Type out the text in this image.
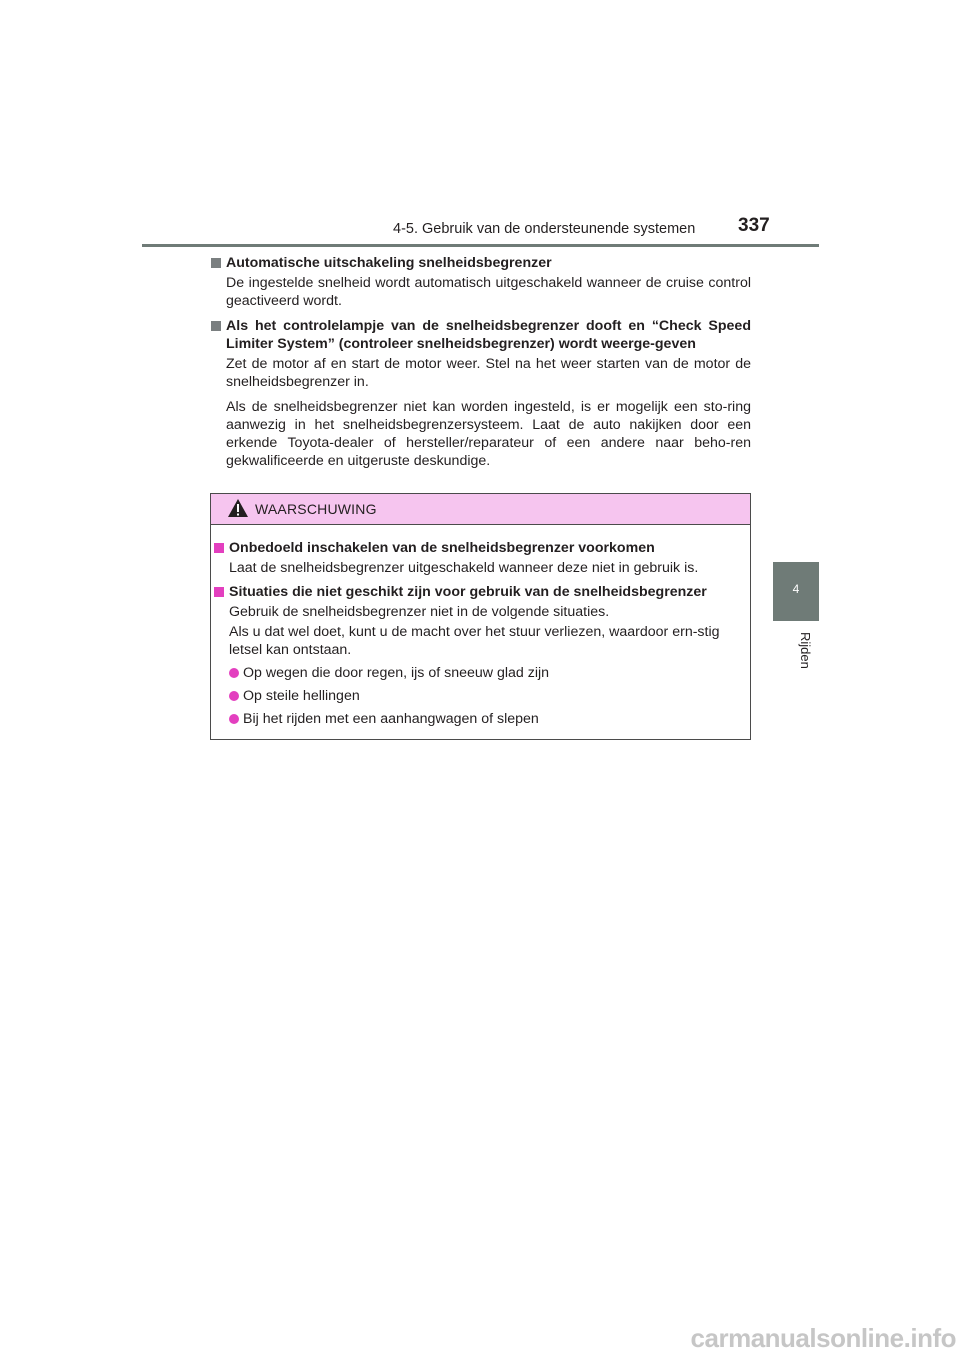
4-5. Gebruik van de ondersteunende systemen 337
4
Rijden
Automatische uitschakeling snelheidsbegrenzer
De ingestelde snelheid wordt automatisch uitgeschakeld wanneer de cruise control geactiveerd wordt.
Als het controlelampje van de snelheidsbegrenzer dooft en “Check Speed Limiter System” (controleer snelheidsbegrenzer) wordt weerge-geven
Zet de motor af en start de motor weer. Stel na het weer starten van de motor de snelheidsbegrenzer in.
Als de snelheidsbegrenzer niet kan worden ingesteld, is er mogelijk een sto-ring aanwezig in het snelheidsbegrenzersysteem. Laat de auto nakijken door een erkende Toyota-dealer of hersteller/reparateur of een andere naar beho-ren gekwalificeerde en uitgeruste deskundige.
WAARSCHUWING
Onbedoeld inschakelen van de snelheidsbegrenzer voorkomen
Laat de snelheidsbegrenzer uitgeschakeld wanneer deze niet in gebruik is.
Situaties die niet geschikt zijn voor gebruik van de snelheidsbegrenzer
Gebruik de snelheidsbegrenzer niet in de volgende situaties.
Als u dat wel doet, kunt u de macht over het stuur verliezen, waardoor ern-stig letsel kan ontstaan.
Op wegen die door regen, ijs of sneeuw glad zijn
Op steile hellingen
Bij het rijden met een aanhangwagen of slepen
carmanualsonline.info
